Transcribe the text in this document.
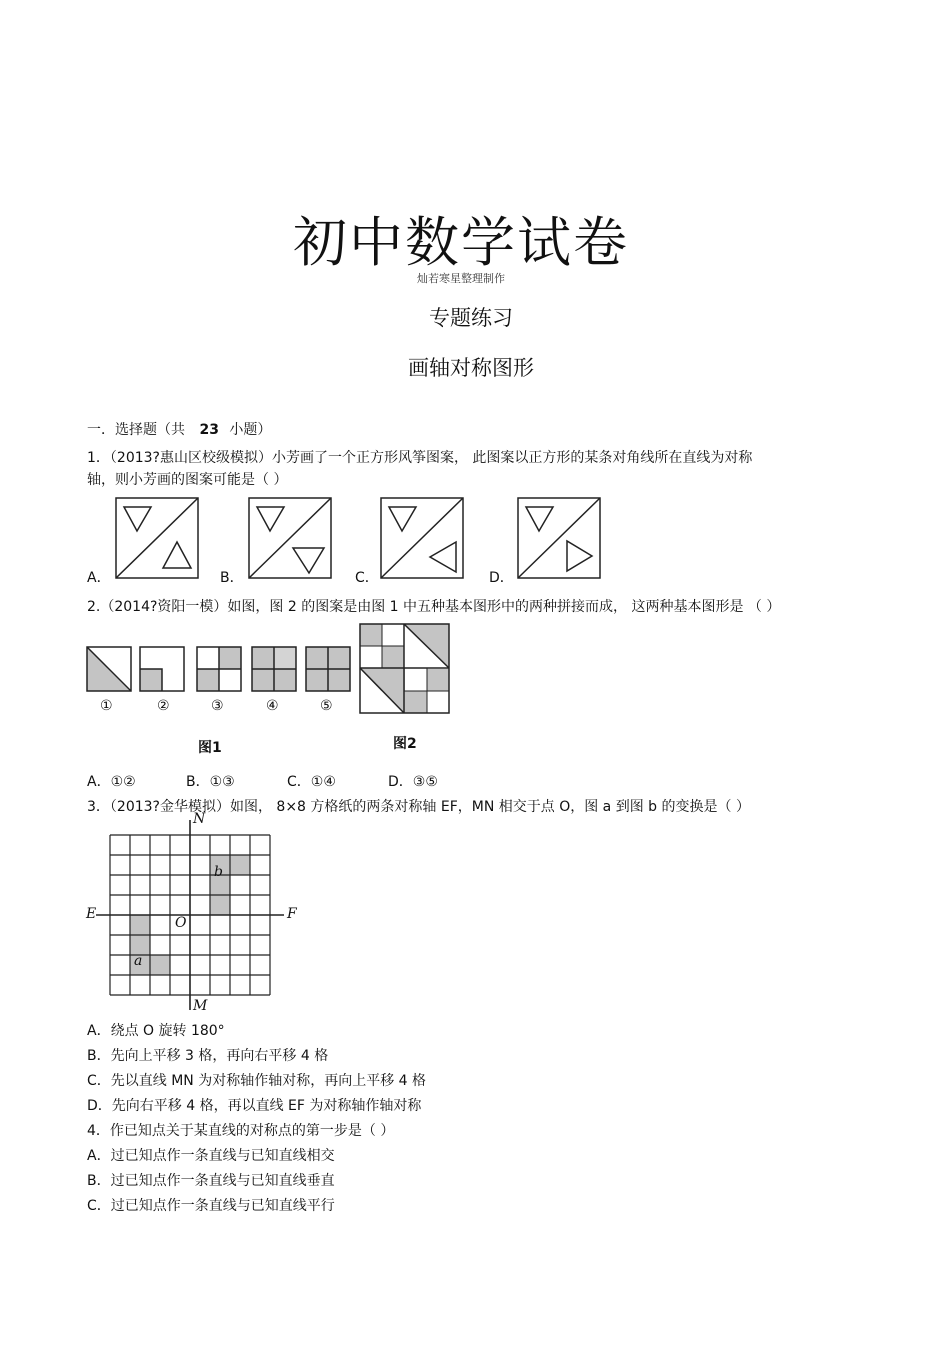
初中数学试卷
灿若寒星整理制作
专题练习
画轴对称图形
一．选择题（共 23 小题）
1．（2013?惠山区校级模拟）小芳画了一个正方形风筝图案， 此图案以正方形的某条对角线所在直线为对称
轴，则小芳画的图案可能是（ ）
A．	B．	C．	D．
2.（2014?资阳一模）如图，图 2 的图案是由图 1 中五种基本图形中的两种拼接而成， 这两种基本图形是 （ ）
①	②	③	④	⑤
图1	图2
A．①②	B．①③	C．①④	D．③⑤
3．（2013?金华模拟）如图， 8×8 方格纸的两条对称轴 EF，MN 相交于点 O，图 a 到图 b 的变换是（ ）
N
M
E	F
O
a
b
A．绕点 O 旋转 180°
B．先向上平移 3 格，再向右平移 4 格
C．先以直线 MN 为对称轴作轴对称，再向上平移 4 格
D．先向右平移 4 格，再以直线 EF 为对称轴作轴对称
4．作已知点关于某直线的对称点的第一步是（ ）
A．过已知点作一条直线与已知直线相交
B．过已知点作一条直线与已知直线垂直
C．过已知点作一条直线与已知直线平行
